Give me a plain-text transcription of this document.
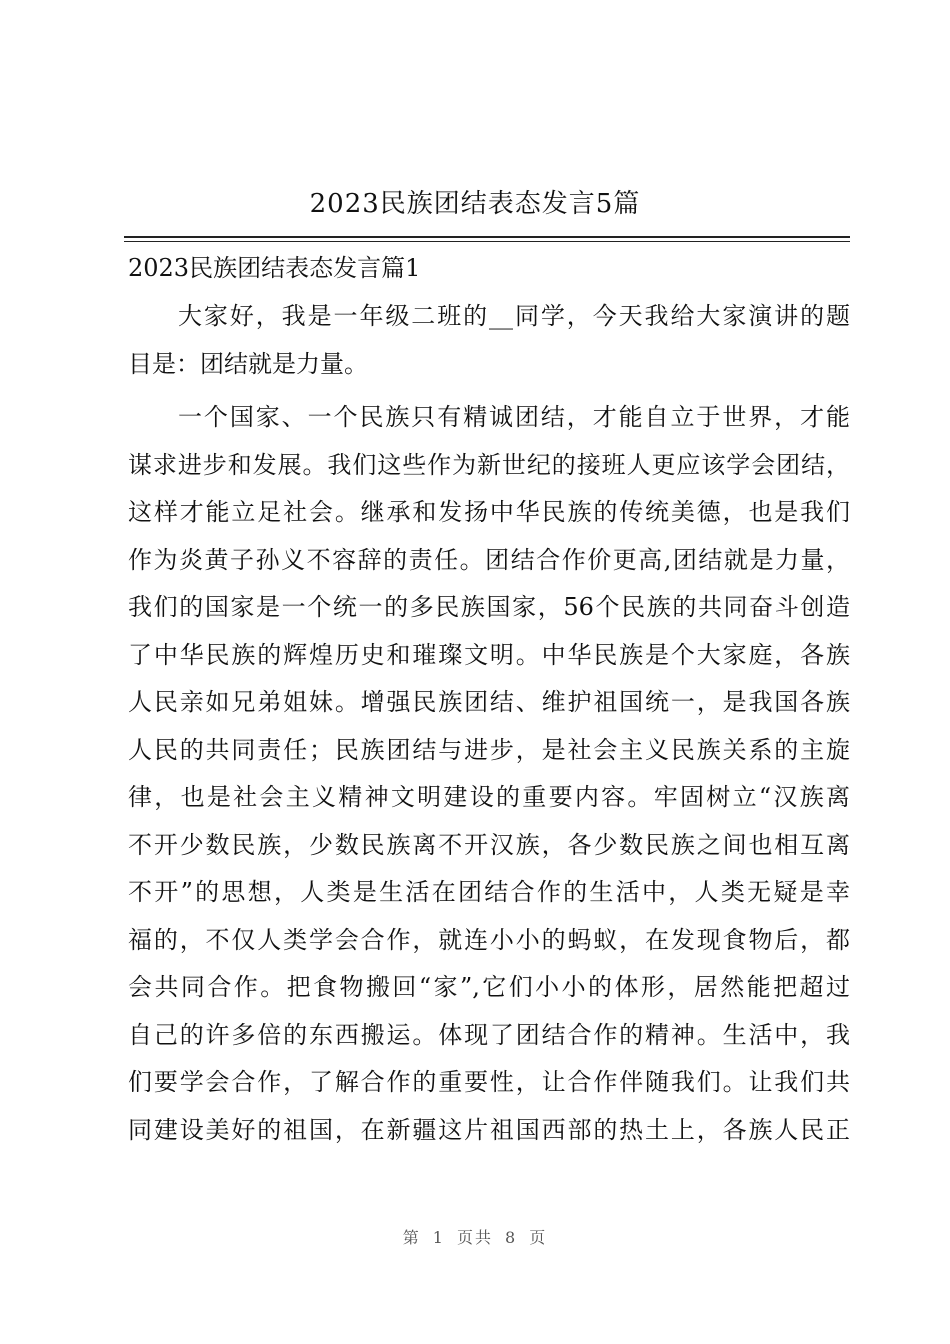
2023民族团结表态发言5篇
2023民族团结表态发言篇1
大家好，我是一年级二班的__同学，今天我给大家演讲的题
目是：团结就是力量。
一个国家、一个民族只有精诚团结，才能自立于世界，才能
谋求进步和发展。我们这些作为新世纪的接班人更应该学会团结，
这样才能立足社会。继承和发扬中华民族的传统美德，也是我们
作为炎黄子孙义不容辞的责任。团结合作价更高,团结就是力量，
我们的国家是一个统一的多民族国家，56个民族的共同奋斗创造
了中华民族的辉煌历史和璀璨文明。中华民族是个大家庭，各族
人民亲如兄弟姐妹。增强民族团结、维护祖国统一，是我国各族
人民的共同责任；民族团结与进步，是社会主义民族关系的主旋
律，也是社会主义精神文明建设的重要内容。牢固树立“汉族离
不开少数民族，少数民族离不开汉族，各少数民族之间也相互离
不开”的思想，人类是生活在团结合作的生活中，人类无疑是幸
福的，不仅人类学会合作，就连小小的蚂蚁，在发现食物后，都
会共同合作。把食物搬回“家”,它们小小的体形，居然能把超过
自己的许多倍的东西搬运。体现了团结合作的精神。生活中，我
们要学会合作，了解合作的重要性，让合作伴随我们。让我们共
同建设美好的祖国，在新疆这片祖国西部的热土上，各族人民正
第 1 页共 8 页
